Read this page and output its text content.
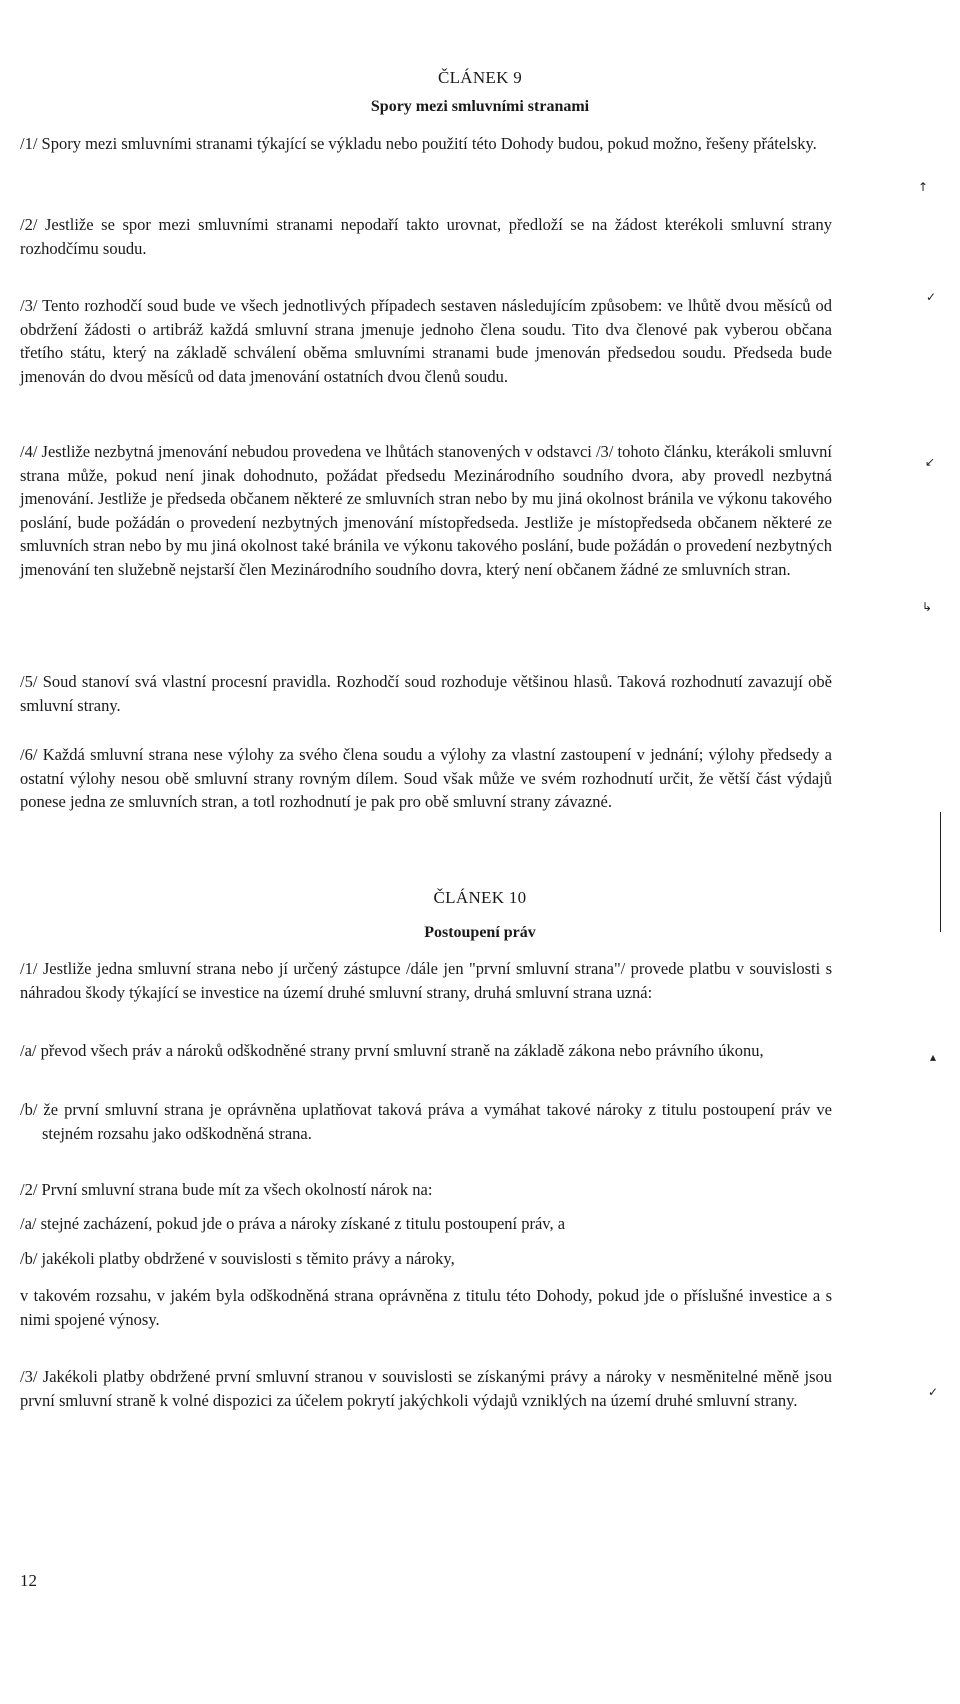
ČLÁNEK 9
Spory mezi smluvními stranami
/1/ Spory mezi smluvními stranami týkající se výkladu nebo použití této Dohody budou, pokud možno, řešeny přátelsky.
/2/ Jestliže se spor mezi smluvními stranami nepodaří takto urovnat, předloží se na žádost kterékoli smluvní strany rozhodčímu soudu.
/3/ Tento rozhodčí soud bude ve všech jednotlivých případech sestaven následujícím způsobem: ve lhůtě dvou měsíců od obdržení žádosti o artibráž každá smluvní strana jmenuje jednoho člena soudu. Tito dva členové pak vyberou občana třetího státu, který na základě schválení oběma smluvními stranami bude jmenován předsedou soudu. Předseda bude jmenován do dvou měsíců od data jmenování ostatních dvou členů soudu.
/4/ Jestliže nezbytná jmenování nebudou provedena ve lhůtách stanovených v odstavci /3/ tohoto článku, kterákoli smluvní strana může, pokud není jinak dohodnuto, požádat předsedu Mezinárodního soudního dvora, aby provedl nezbytná jmenování. Jestliže je předseda občanem některé ze smluvních stran nebo by mu jiná okolnost bránila ve výkonu takového poslání, bude požádán o provedení nezbytných jmenování místopředseda. Jestliže je místopředseda občanem některé ze smluvních stran nebo by mu jiná okolnost také bránila ve výkonu takového poslání, bude požádán o provedení nezbytných jmenování ten služebně nejstarší člen Mezinárodního soudního dovra, který není občanem žádné ze smluvních stran.
/5/ Soud stanoví svá vlastní procesní pravidla. Rozhodčí soud rozhoduje většinou hlasů. Taková rozhodnutí zavazují obě smluvní strany.
/6/ Každá smluvní strana nese výlohy za svého člena soudu a výlohy za vlastní zastoupení v jednání; výlohy předsedy a ostatní výlohy nesou obě smluvní strany rovným dílem. Soud však může ve svém rozhodnutí určit, že větší část výdajů ponese jedna ze smluvních stran, a totl rozhodnutí je pak pro obě smluvní strany závazné.
ČLÁNEK 10
Postoupení práv
/1/ Jestliže jedna smluvní strana nebo jí určený zástupce /dále jen "první smluvní strana"/ provede platbu v souvislosti s náhradou škody týkající se investice na území druhé smluvní strany, druhá smluvní strana uzná:
/a/ převod všech práv a nároků odškodněné strany první smluvní straně na základě zákona nebo právního úkonu,
/b/ že první smluvní strana je oprávněna uplatňovat taková práva a vymáhat takové nároky z titulu postoupení práv ve stejném rozsahu jako odškodněná strana.
/2/ První smluvní strana bude mít za všech okolností nárok na:
/a/ stejné zacházení, pokud jde o práva a nároky získané z titulu postoupení práv, a
/b/ jakékoli platby obdržené v souvislosti s těmito právy a nároky,
v takovém rozsahu, v jakém byla odškodněná strana oprávněna z titulu této Dohody, pokud jde o příslušné investice a s nimi spojené výnosy.
/3/ Jakékoli platby obdržené první smluvní stranou v souvislosti se získanými právy a nároky v nesměnitelné měně jsou první smluvní straně k volné dispozici za účelem pokrytí jakýchkoli výdajů vzniklých na území druhé smluvní strany.
12
↑
✓
↙
↳
▴
✓
